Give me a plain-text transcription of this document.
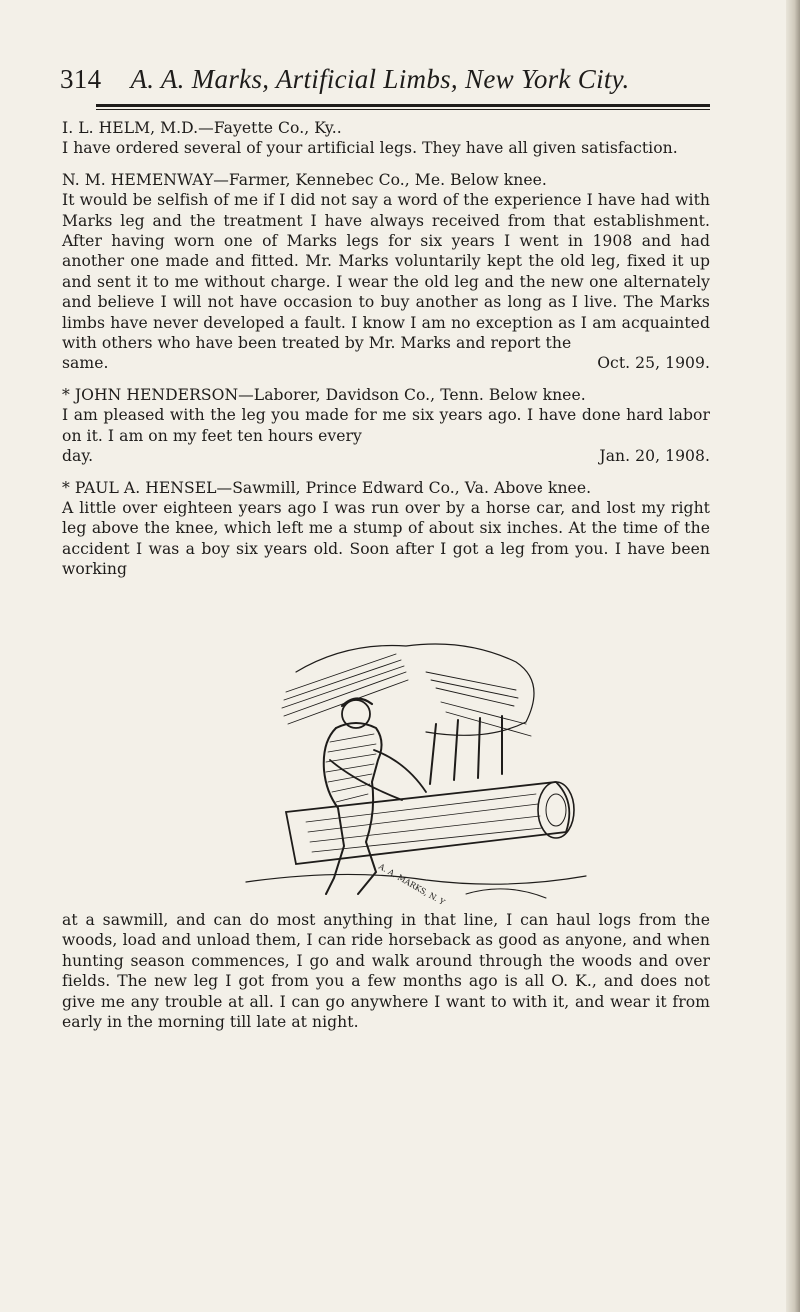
314 A. A. Marks, Artificial Limbs, New York City.

I. L. HELM, M.D.—Fayette Co., Ky..
I have ordered several of your artificial legs. They have all given satisfaction.

N. M. HEMENWAY—Farmer, Kennebec Co., Me. Below knee.
It would be selfish of me if I did not say a word of the experience I have had with Marks leg and the treatment I have always received from that establishment. After having worn one of Marks legs for six years I went in 1908 and had another one made and fitted. Mr. Marks voluntarily kept the old leg, fixed it up and sent it to me without charge. I wear the old leg and the new one alternately and believe I will not have occasion to buy another as long as I live. The Marks limbs have never developed a fault. I know I am no exception as I am acquainted with others who have been treated by Mr. Marks and report the

same.	Oct. 25, 1909.

* JOHN HENDERSON—Laborer, Davidson Co., Tenn. Below knee.
I am pleased with the leg you made for me six years ago. I have done hard labor on it. I am on my feet ten hours every

day.	Jan. 20, 1908.

* PAUL A. HENSEL—Sawmill, Prince Edward Co., Va. Above knee.
A little over eighteen years ago I was run over by a horse car, and lost my right leg above the knee, which left me a stump of about six inches. At the time of the accident I was a boy six years old. Soon after I got a leg from you. I have been working

A. A. MARKS, N. Y.

at a sawmill, and can do most anything in that line, I can haul logs from the woods, load and unload them, I can ride horseback as good as anyone, and when hunting season commences, I go and walk around through the woods and over fields. The new leg I got from you a few months ago is all O. K., and does not give me any trouble at all. I can go anywhere I want to with it, and wear it from early in the morning till late at night.
